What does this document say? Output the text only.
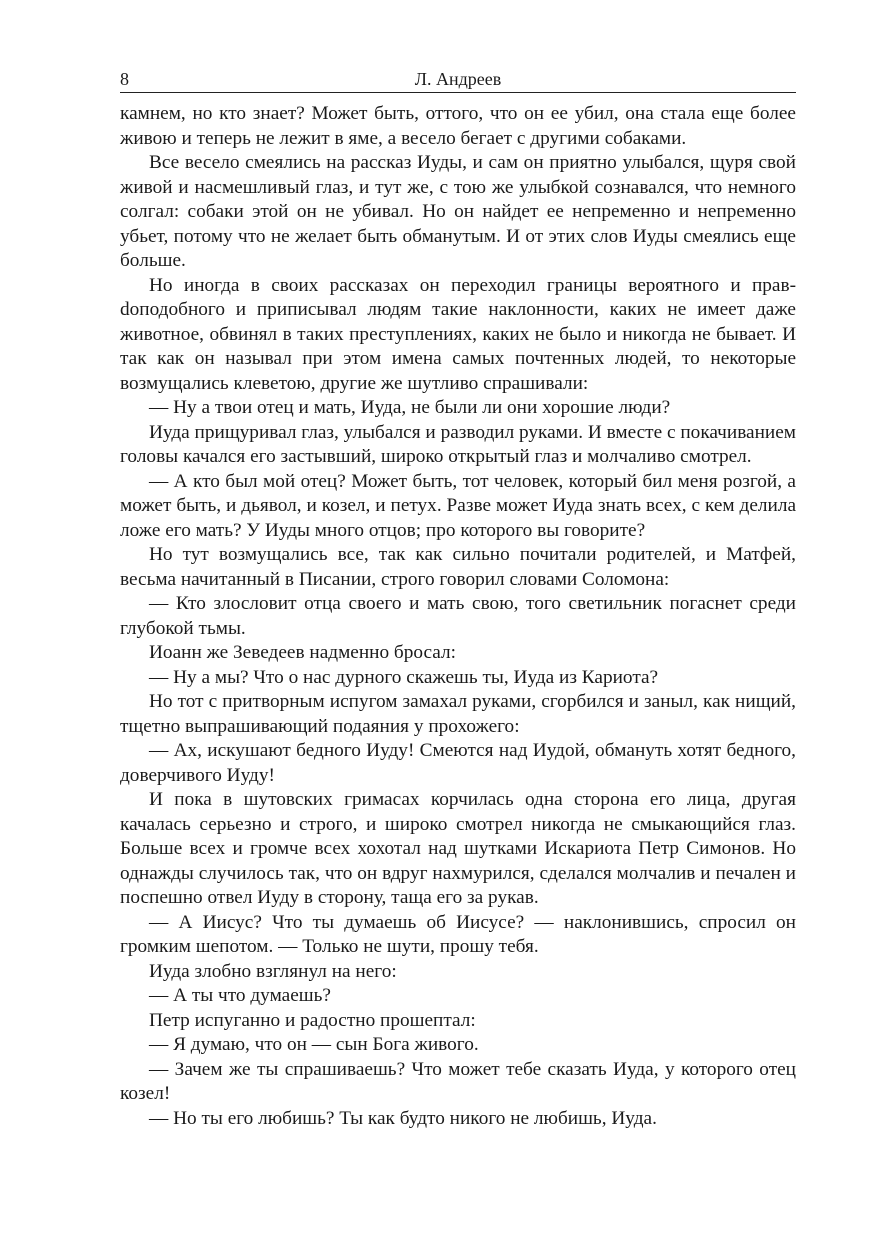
8	Л. Андреев

камнем, но кто знает? Может быть, оттого, что он ее убил, она стала еще более живою и теперь не лежит в яме, а весело бегает с другими собаками.

Все весело смеялись на рассказ Иуды, и сам он приятно улыбался, щуря свой живой и насмешливый глаз, и тут же, с тою же улыбкой сознавался, что немного солгал: собаки этой он не убивал. Но он найдет ее непременно и непременно убьет, потому что не желает быть обманутым. И от этих слов Иуды смеялись еще больше.

Но иногда в своих рассказах он переходил границы вероятного и правdоподобного и приписывал людям такие наклонности, каких не имеет даже животное, обвинял в таких преступлениях, каких не было и никогда не бывает. И так как он называл при этом имена самых почтенных людей, то некоторые возмущались клеветою, другие же шутливо спрашивали:

— Ну а твои отец и мать, Иуда, не были ли они хорошие люди?

Иуда прищуривал глаз, улыбался и разводил руками. И вместе с покачиванием головы качался его застывший, широко открытый глаз и молчаливо смотрел.

— А кто был мой отец? Может быть, тот человек, который бил меня розгой, а может быть, и дьявол, и козел, и петух. Разве может Иуда знать всех, с кем делила ложе его мать? У Иуды много отцов; про которого вы говорите?

Но тут возмущались все, так как сильно почитали родителей, и Матфей, весьма начитанный в Писании, строго говорил словами Соломона:

— Кто злословит отца своего и мать свою, того светильник погаснет среди глубокой тьмы.

Иоанн же Зеведеев надменно бросал:

— Ну а мы? Что о нас дурного скажешь ты, Иуда из Кариота?

Но тот с притворным испугом замахал руками, сгорбился и заныл, как нищий, тщетно выпрашивающий подаяния у прохожего:

— Ах, искушают бедного Иуду! Смеются над Иудой, обмануть хотят бедного, доверчивого Иуду!

И пока в шутовских гримасах корчилась одна сторона его лица, другая качалась серьезно и строго, и широко смотрел никогда не смыкающийся глаз. Больше всех и громче всех хохотал над шутками Искариота Петр Симонов. Но однажды случилось так, что он вдруг нахмурился, сделался молчалив и печален и поспешно отвел Иуду в сторону, таща его за рукав.

— А Иисус? Что ты думаешь об Иисусе? — наклонившись, спросил он громким шепотом. — Только не шути, прошу тебя.

Иуда злобно взглянул на него:

— А ты что думаешь?

Петр испуганно и радостно прошептал:

— Я думаю, что он — сын Бога живого.

— Зачем же ты спрашиваешь? Что может тебе сказать Иуда, у которого отец козел!

— Но ты его любишь? Ты как будто никого не любишь, Иуда.
